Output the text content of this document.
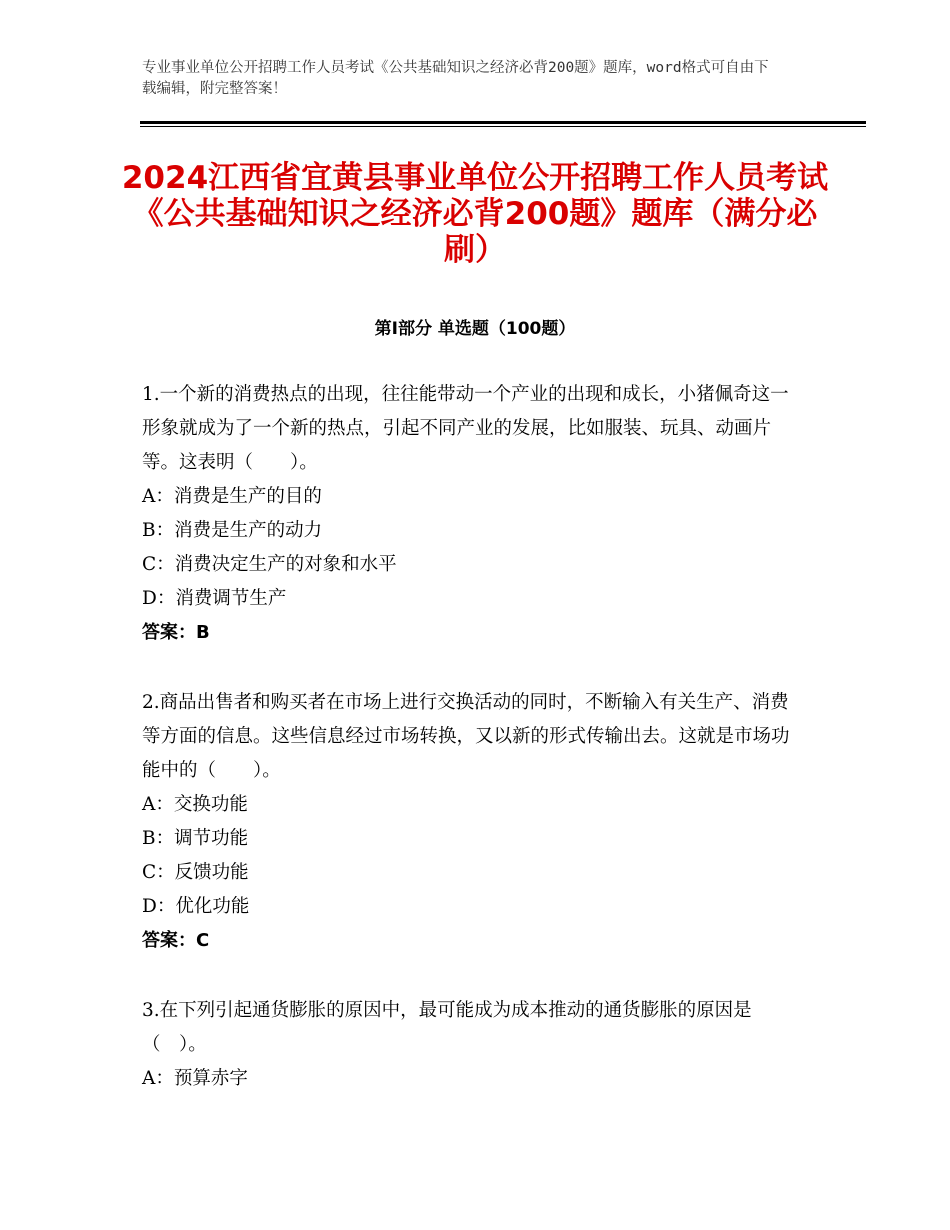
专业事业单位公开招聘工作人员考试《公共基础知识之经济必背200题》题库，word格式可自由下载编辑，附完整答案！
2024江西省宜黄县事业单位公开招聘工作人员考试《公共基础知识之经济必背200题》题库（满分必刷）
第Ⅰ部分 单选题（100题）

1.一个新的消费热点的出现，往往能带动一个产业的出现和成长，小猪佩奇这一形象就成为了一个新的热点，引起不同产业的发展，比如服装、玩具、动画片等。这表明（　　）。

A：消费是生产的目的

B：消费是生产的动力

C：消费决定生产的对象和水平

D：消费调节生产

答案：B

2.商品出售者和购买者在市场上进行交换活动的同时，不断输入有关生产、消费等方面的信息。这些信息经过市场转换，又以新的形式传输出去。这就是市场功能中的（　　）。

A：交换功能

B：调节功能

C：反馈功能

D：优化功能

答案：C

3.在下列引起通货膨胀的原因中，最可能成为成本推动的通货膨胀的原因是（　）。

A：预算赤字
